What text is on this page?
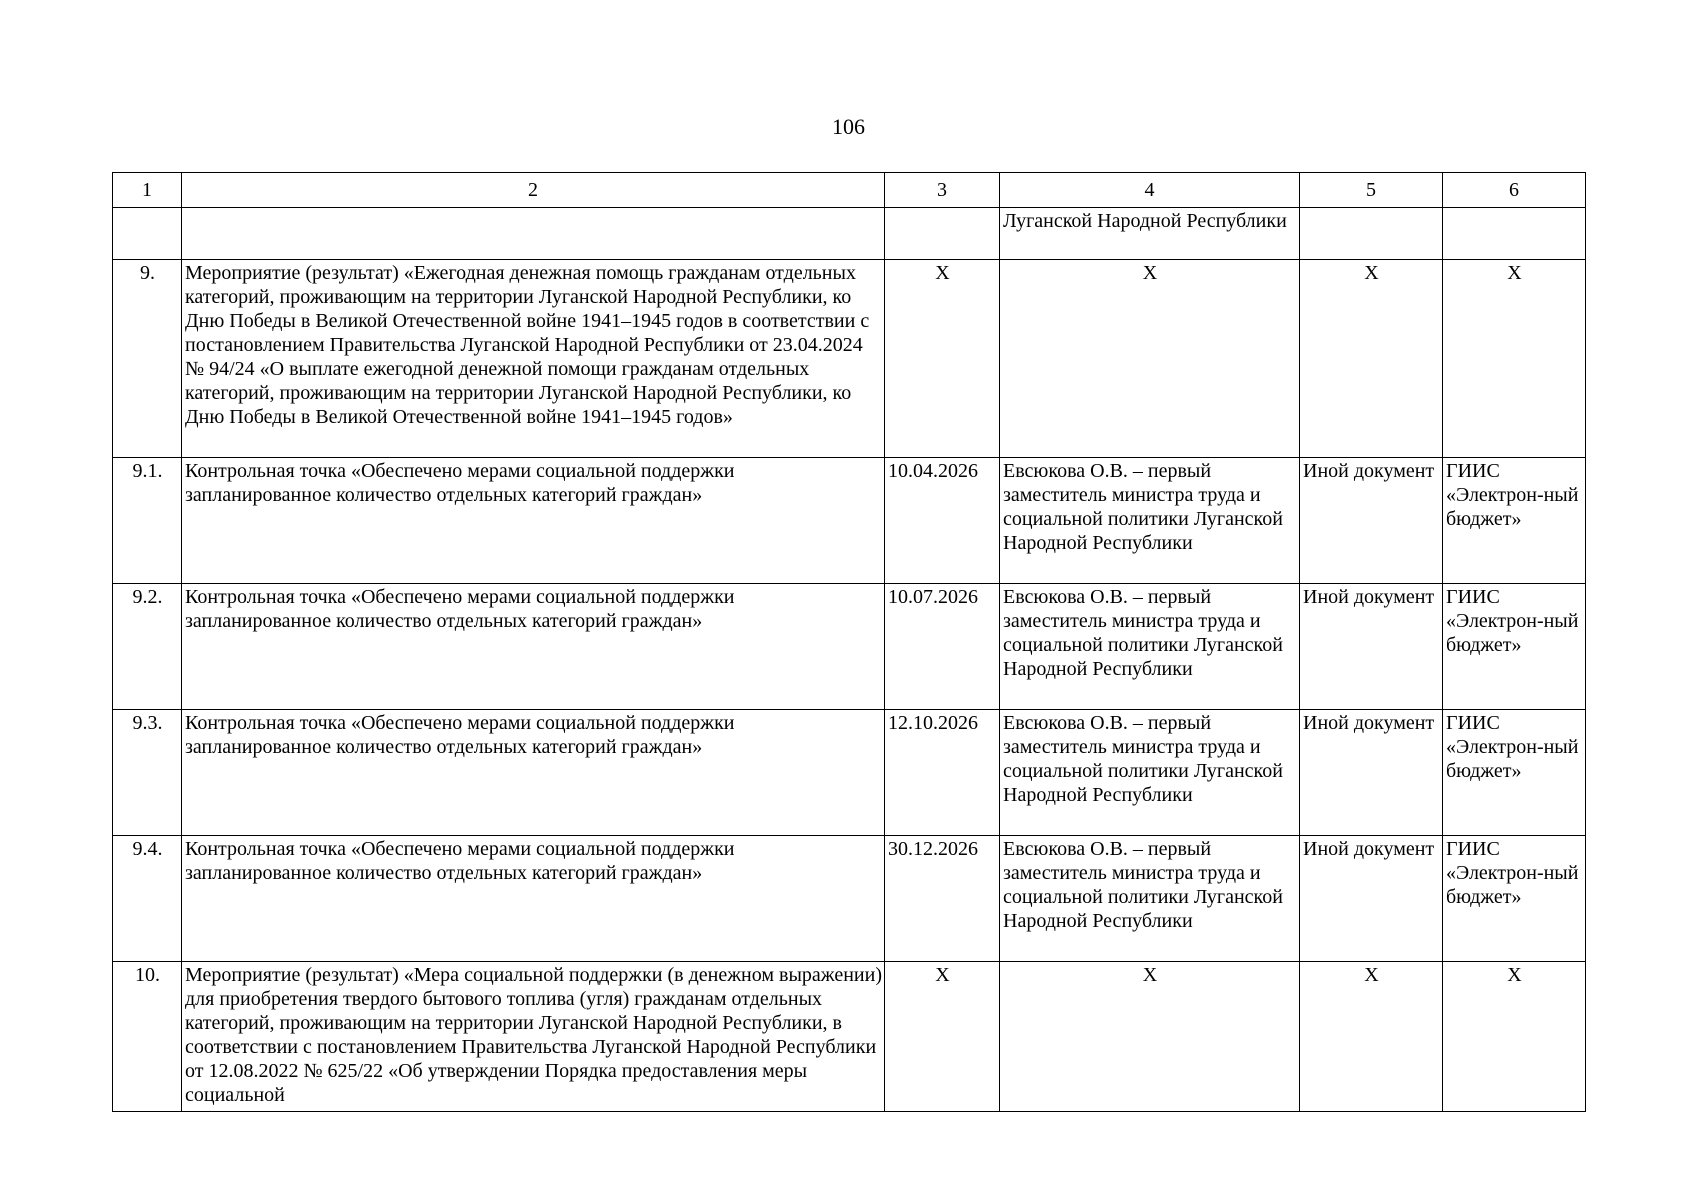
106
1	2	3	4	5	6
			Луганской Народной Республики		
9.	Мероприятие (результат) «Ежегодная денежная помощь гражданам отдельных категорий, проживающим на территории Луганской Народной Республики, ко Дню Победы в Великой Отечественной войне 1941–1945 годов в соответствии с постановлением Правительства Луганской Народной Республики от 23.04.2024 № 94/24 «О выплате ежегодной денежной помощи гражданам отдельных категорий, проживающим на территории Луганской Народной Республики, ко Дню Победы в Великой Отечественной войне 1941–1945 годов»	Х	Х	Х	Х
9.1.	Контрольная точка «Обеспечено мерами социальной поддержки запланированное количество отдельных категорий граждан»	10.04.2026	Евсюкова О.В. – первый заместитель министра труда и социальной политики Луганской Народной Республики	Иной документ	ГИИС «Электрон-ный бюджет»
9.2.	Контрольная точка «Обеспечено мерами социальной поддержки запланированное количество отдельных категорий граждан»	10.07.2026	Евсюкова О.В. – первый заместитель министра труда и социальной политики Луганской Народной Республики	Иной документ	ГИИС «Электрон-ный бюджет»
9.3.	Контрольная точка «Обеспечено мерами социальной поддержки запланированное количество отдельных категорий граждан»	12.10.2026	Евсюкова О.В. – первый заместитель министра труда и социальной политики Луганской Народной Республики	Иной документ	ГИИС «Электрон-ный бюджет»
9.4.	Контрольная точка «Обеспечено мерами социальной поддержки запланированное количество отдельных категорий граждан»	30.12.2026	Евсюкова О.В. – первый заместитель министра труда и социальной политики Луганской Народной Республики	Иной документ	ГИИС «Электрон-ный бюджет»
10.	Мероприятие (результат) «Мера социальной поддержки (в денежном выражении) для приобретения твердого бытового топлива (угля) гражданам отдельных категорий, проживающим на территории Луганской Народной Республики, в соответствии с постановлением Правительства Луганской Народной Республики от 12.08.2022 № 625/22 «Об утверждении Порядка предоставления меры социальной	Х	Х	Х	Х
